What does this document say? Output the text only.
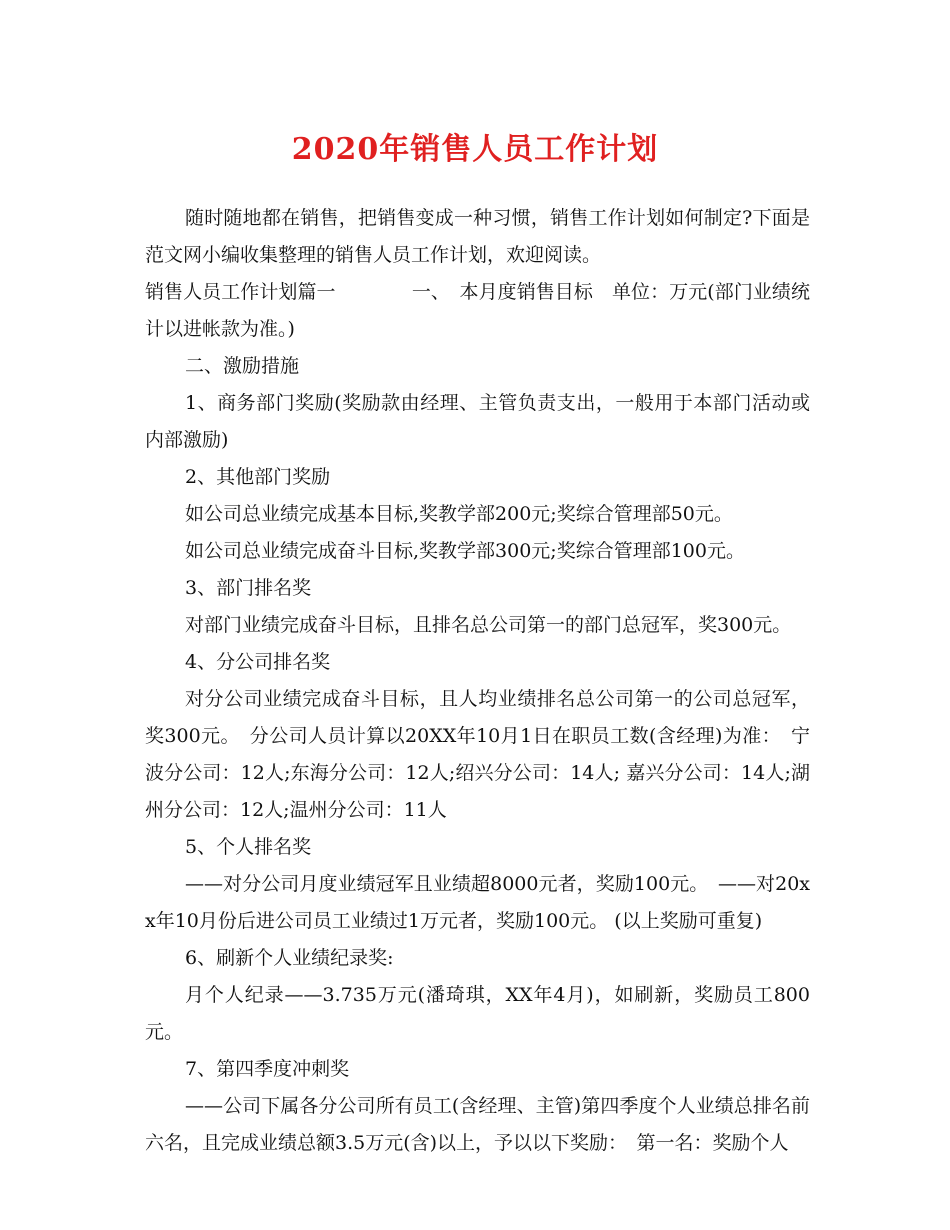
2020年销售人员工作计划

随时随地都在销售，把销售变成一种习惯，销售工作计划如何制定?下面是范文网小编收集整理的销售人员工作计划，欢迎阅读。

销售人员工作计划篇一　　　　一、　本月度销售目标　单位：万元(部门业绩统计以进帐款为准。)

二、激励措施

1、商务部门奖励(奖励款由经理、主管负责支出，一般用于本部门活动或内部激励)

2、其他部门奖励

如公司总业绩完成基本目标,奖教学部200元;奖综合管理部50元。

如公司总业绩完成奋斗目标,奖教学部300元;奖综合管理部100元。

3、部门排名奖

对部门业绩完成奋斗目标，且排名总公司第一的部门总冠军，奖300元。

4、分公司排名奖

对分公司业绩完成奋斗目标，且人均业绩排名总公司第一的公司总冠军，奖300元。　分公司人员计算以20XX年10月1日在职员工数(含经理)为准：　宁波分公司：12人;东海分公司：12人;绍兴分公司：14人; 嘉兴分公司：14人;湖州分公司：12人;温州分公司：11人

5、个人排名奖

——对分公司月度业绩冠军且业绩超8000元者，奖励100元。　——对20xx年10月份后进公司员工业绩过1万元者，奖励100元。 (以上奖励可重复)

6、刷新个人业绩纪录奖:

月个人纪录——3.735万元(潘琦琪，XX年4月)，如刷新，奖励员工800元。

7、第四季度冲刺奖

——公司下属各分公司所有员工(含经理、主管)第四季度个人业绩总排名前六名，且完成业绩总额3.5万元(含)以上，予以以下奖励：　第一名：奖励个人
